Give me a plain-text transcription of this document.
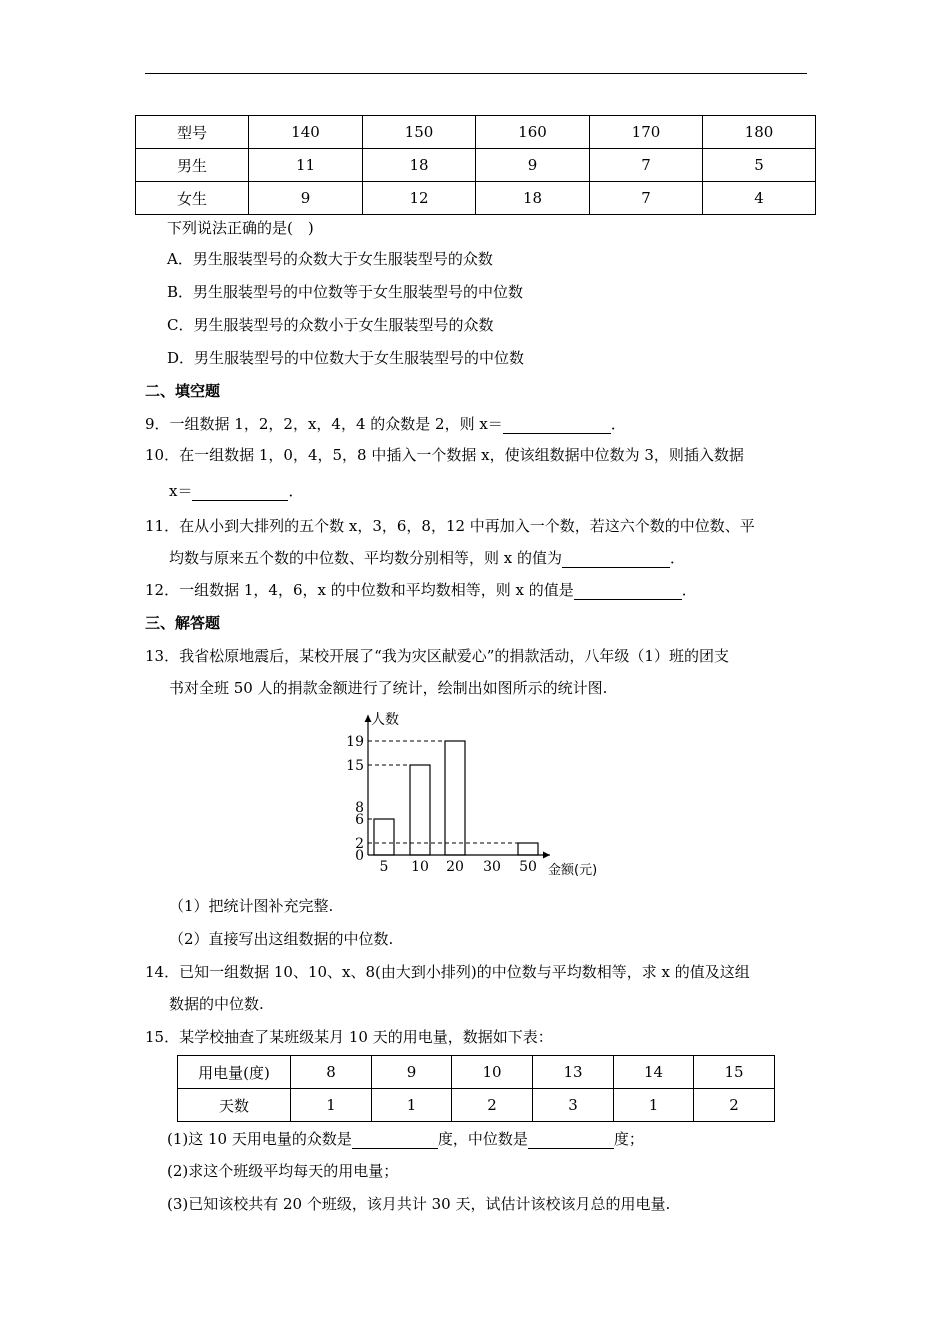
型号	140	150	160	170	180
男生	11	18	9	7	5
女生	9	12	18	7	4
下列说法正确的是(　)
A．男生服装型号的众数大于女生服装型号的众数
B．男生服装型号的中位数等于女生服装型号的中位数
C．男生服装型号的众数小于女生服装型号的众数
D．男生服装型号的中位数大于女生服装型号的中位数
二、填空题
9．一组数据 1，2，2，x，4，4 的众数是 2，则 x＝	．
10．在一组数据 1，0，4，5，8 中插入一个数据 x，使该组数据中位数为 3，则插入数据
x＝	．
11．在从小到大排列的五个数 x，3，6，8，12 中再加入一个数，若这六个数的中位数、平
均数与原来五个数的中位数、平均数分别相等，则 x 的值为	．
12．一组数据 1，4，6，x 的中位数和平均数相等，则 x 的值是	．
三、解答题
13．我省松原地震后，某校开展了“我为灾区献爱心”的捐款活动，八年级（1）班的团支
书对全班 50 人的捐款金额进行了统计，绘制出如图所示的统计图.
人数
金额(元)
0
2
6
8
15
19
5 10 20 30 50
（1）把统计图补充完整.
（2）直接写出这组数据的中位数.
14．已知一组数据 10、10、x、8(由大到小排列)的中位数与平均数相等，求 x 的值及这组
数据的中位数.
15．某学校抽查了某班级某月 10 天的用电量，数据如下表：
用电量(度)	8	9	10	13	14	15
天数	1	1	2	3	1	2
(1)这 10 天用电量的众数是	度，中位数是	度；
(2)求这个班级平均每天的用电量；
(3)已知该校共有 20 个班级，该月共计 30 天，试估计该校该月总的用电量.
